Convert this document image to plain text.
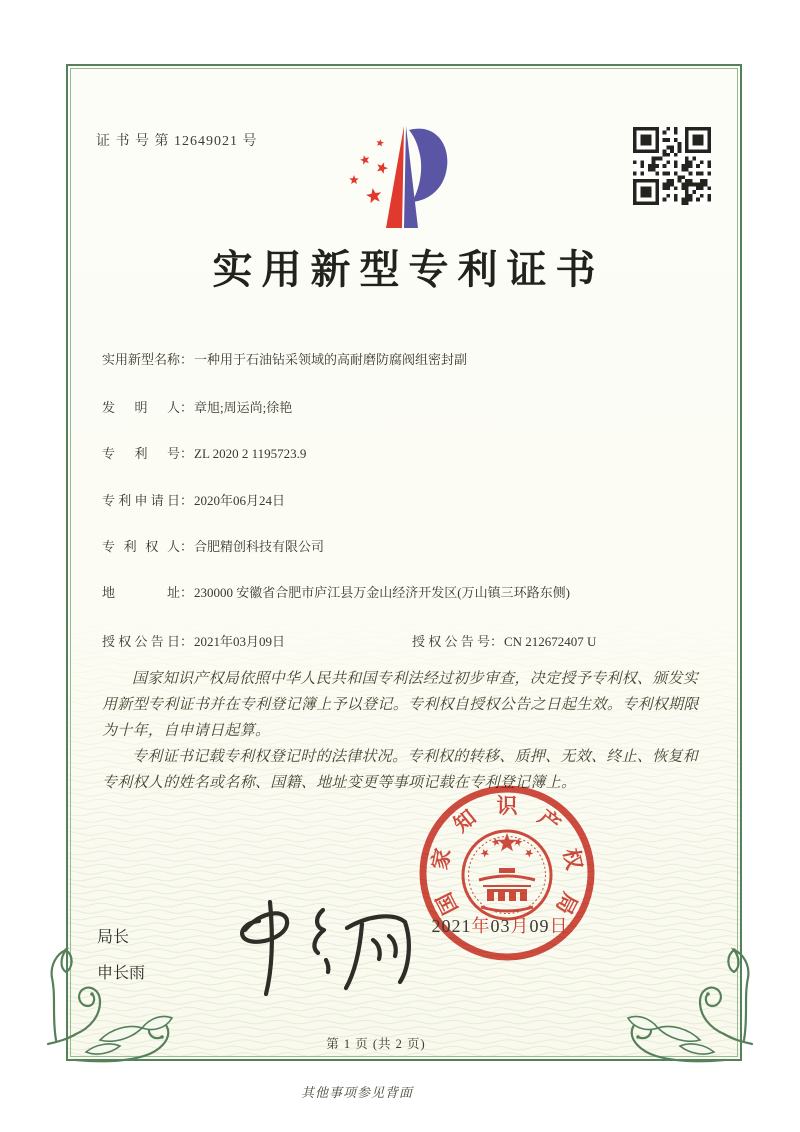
证 书 号 第 12649021 号
实用新型专利证书
授权公告日：2021年03月09日	授权公告号：CN 212672407 U
实用新型名称：一种用于石油钻采领域的高耐磨防腐阀组密封副
发明人：章旭;周运尚;徐艳
专利号：ZL 2020 2 1195723.9
专利申请日：2020年06月24日
专利权人：合肥精创科技有限公司
地址：230000 安徽省合肥市庐江县万金山经济开发区(万山镇三环路东侧)

国家知识产权局依照中华人民共和国专利法经过初步审查，决定授予专利权、颁发实用新型专利证书并在专利登记簿上予以登记。专利权自授权公告之日起生效。专利权期限为十年，自申请日起算。

专利证书记载专利权登记时的法律状况。专利权的转移、质押、无效、终止、恢复和专利权人的姓名或名称、国籍、地址变更等事项记载在专利登记簿上。

局长
申长雨
第 1 页 (共 2 页)
国
家
知 识 产
权
局
2021年03月09日
其他事项参见背面
